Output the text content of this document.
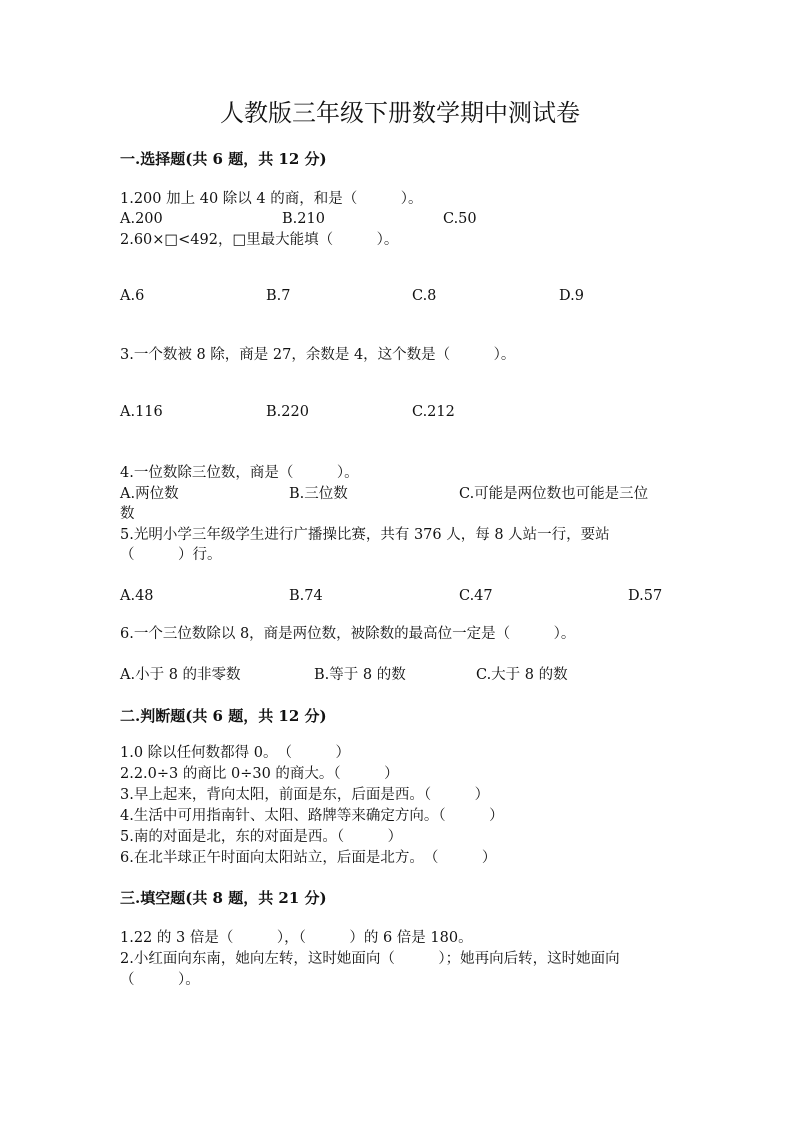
人教版三年级下册数学期中测试卷
一.选择题(共 6 题，共 12 分)
1.200 加上 40 除以 4 的商，和是（　　　）。
A.200	B.210	C.50
2.60×□<492，□里最大能填（　　　）。
A.6	B.7	C.8	D.9
3.一个数被 8 除，商是 27，余数是 4，这个数是（　　　）。
A.116	B.220	C.212
4.一位数除三位数，商是（　　　）。
A.两位数	B.三位数	C.可能是两位数也可能是三位
数
5.光明小学三年级学生进行广播操比赛，共有 376 人，每 8 人站一行，要站
（　　　）行。
A.48	B.74	C.47	D.57
6.一个三位数除以 8，商是两位数，被除数的最高位一定是（　　　）。
A.小于 8 的非零数	B.等于 8 的数	C.大于 8 的数
二.判断题(共 6 题，共 12 分)
1.0 除以任何数都得 0。　（　　　）
2.2.0÷3 的商比 0÷30 的商大。（　　　）
3.早上起来，背向太阳，前面是东，后面是西。（　　　）
4.生活中可用指南针、太阳、路牌等来确定方向。（　　　）
5.南的对面是北，东的对面是西。（　　　）
6.在北半球正午时面向太阳站立，后面是北方。　（　　　）
三.填空题(共 8 题，共 21 分)
1.22 的 3 倍是（　　　），（　　　）的 6 倍是 180。
2.小红面向东南，她向左转，这时她面向（　　　）；她再向后转，这时她面向
（　　　）。
